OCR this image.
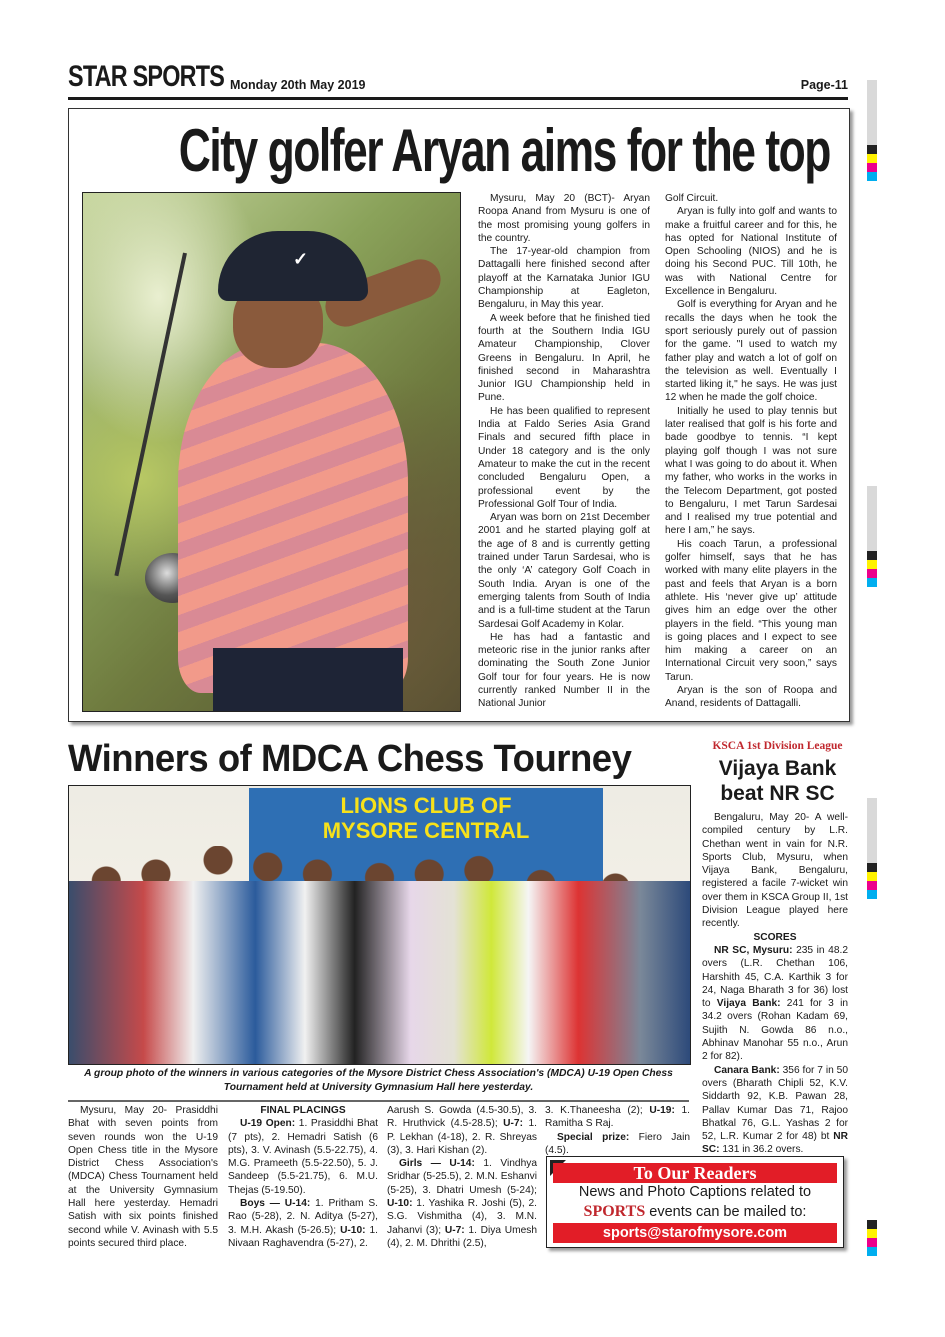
STAR SPORTS Monday 20th May 2019	Page-11
City golfer Aryan aims for the top
✓

Mysuru, May 20 (BCT)- Aryan Roopa Anand from Mysuru is one of the most promising young golfers in the country.

The 17-year-old champion from Dattagalli here finished second after playoff at the Karnataka Junior IGU Championship at Eagleton, Bengaluru, in May this year.

A week before that he finished tied fourth at the Southern India IGU Amateur Championship, Clover Greens in Bengaluru. In April, he finished second in Maharashtra Junior IGU Championship held in Pune.

He has been qualified to represent India at Faldo Series Asia Grand Finals and secured fifth place in Under 18 category and is the only Amateur to make the cut in the recent concluded Bengaluru Open, a professional event by the Professional Golf Tour of India.

Aryan was born on 21st December 2001 and he started playing golf at the age of 8 and is currently getting trained under Tarun Sardesai, who is the only ‘A’ category Golf Coach in South India. Aryan is one of the emerging talents from South of India and is a full-time student at the Tarun Sardesai Golf Academy in Kolar.

He has had a fantastic and meteoric rise in the junior ranks after dominating the South Zone Junior Golf tour for four years. He is now currently ranked Number II in the National Junior

Golf Circuit.

Aryan is fully into golf and wants to make a fruitful career and for this, he has opted for National Institute of Open Schooling (NIOS) and he is doing his Second PUC. Till 10th, he was with National Centre for Excellence in Bengaluru.

Golf is everything for Aryan and he recalls the days when he took the sport seriously purely out of passion for the game. "I used to watch my father play and watch a lot of golf on the television as well. Eventually I started liking it," he says. He was just 12 when he made the golf choice.

Initially he used to play tennis but later realised that golf is his forte and bade goodbye to tennis. “I kept playing golf though I was not sure what I was going to do about it. When my father, who works in the works in the Telecom Department, got posted to Bengaluru, I met Tarun Sardesai and I realised my true potential and here I am,” he says.

His coach Tarun, a professional golfer himself, says that he has worked with many elite players in the past and feels that Aryan is a born athlete. His ‘never give up’ attitude gives him an edge over the other players in the field. “This young man is going places and I expect to see him making a career on an International Circuit very soon,” says Tarun.

Aryan is the son of Roopa and Anand, residents of Dattagalli.

Winners of MDCA Chess Tourney
LIONS CLUB OF
MYSORE CENTRAL
A group photo of the winners in various categories of the Mysore District Chess Association's (MDCA) U-19 Open Chess Tournament held at University Gymnasium Hall here yesterday.

Mysuru, May 20- Prasiddhi Bhat with seven points from seven rounds won the U-19 Open Chess title in the Mysore District Chess Association's (MDCA) Chess Tournament held at the University Gymnasium Hall here yesterday. Hemadri Satish with six points finished second while V. Avinash with 5.5 points secured third place.

FINAL PLACINGS

U-19 Open: 1. Prasiddhi Bhat (7 pts), 2. Hemadri Satish (6 pts), 3. V. Avinash (5.5-22.75), 4. M.G. Prameeth (5.5-22.50), 5. J. Sandeep (5.5-21.75), 6. M.U. Thejas (5-19.50).

Boys — U-14: 1. Pritham S. Rao (5-28), 2. N. Aditya (5-27), 3. M.H. Akash (5-26.5); U-10: 1. Nivaan Raghavendra (5-27), 2.

Aarush S. Gowda (4.5-30.5), 3. R. Hruthvick (4.5-28.5); U-7: 1. P. Lekhan (4-18), 2. R. Shreyas (3), 3. Hari Kishan (2).

Girls — U-14: 1. Vindhya Sridhar (5-25.5), 2. M.N. Eshanvi (5-25), 3. Dhatri Umesh (5-24); U-10: 1. Yashika R. Joshi (5), 2. S.G. Vishmitha (4), 3. M.N. Jahanvi (3); U-7: 1. Diya Umesh (4), 2. M. Dhrithi (2.5),

3. K.Thaneesha (2); U-19: 1. Ramitha S Raj.

Special prize: Fiero Jain (4.5).

KSCA 1st Division League
Vijaya Bank beat NR SC

Bengaluru, May 20- A well-compiled century by L.R. Chethan went in vain for N.R. Sports Club, Mysuru, when Vijaya Bank, Bengaluru, registered a facile 7-wicket win over them in KSCA Group II, 1st Division League played here recently.

SCORES

NR SC, Mysuru: 235 in 48.2 overs (L.R. Chethan 106, Harshith 45, C.A. Karthik 3 for 24, Naga Bharath 3 for 36) lost to Vijaya Bank: 241 for 3 in 34.2 overs (Rohan Kadam 69, Sujith N. Gowda 86 n.o., Abhinav Manohar 55 n.o., Arun 2 for 82).

Canara Bank: 356 for 7 in 50 overs (Bharath Chipli 52, K.V. Siddarth 92, K.B. Pawan 28, Pallav Kumar Das 71, Rajoo Bhatkal 76, G.L. Yashas 2 for 52, L.R. Kumar 2 for 48) bt NR SC: 131 in 36.2 overs.

To Our Readers
News and Photo Captions related to
SPORTS events can be mailed to:
sports@starofmysore.com
